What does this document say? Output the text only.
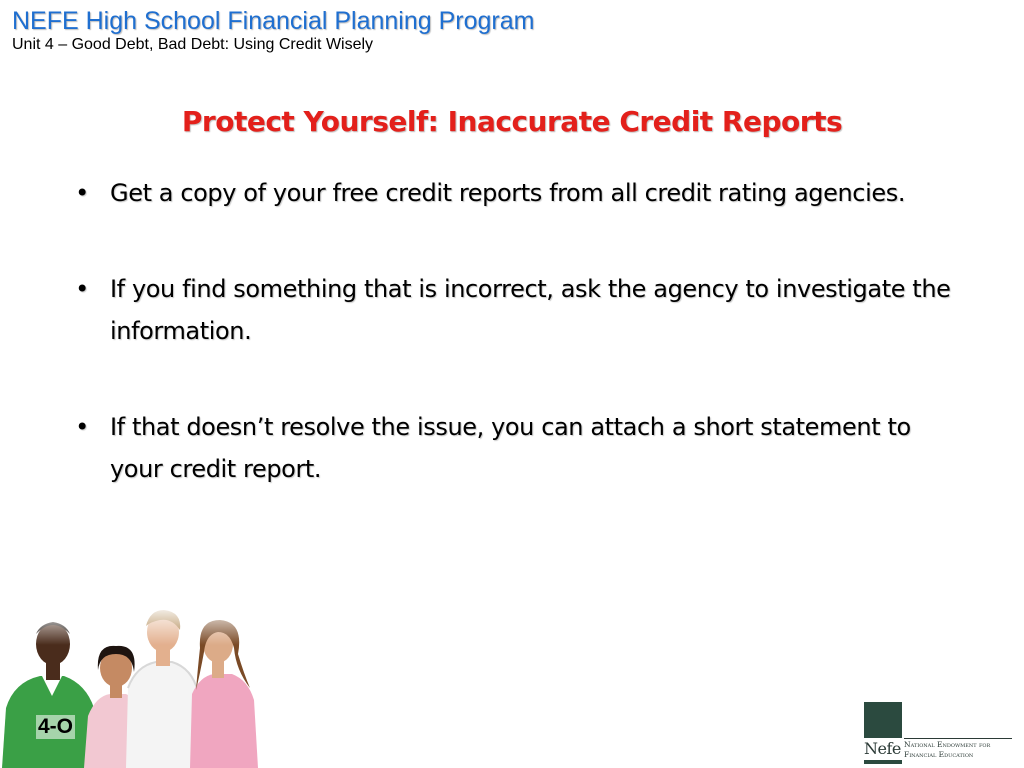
NEFE High School Financial Planning Program
Unit 4 – Good Debt, Bad Debt: Using Credit Wisely
Protect Yourself: Inaccurate Credit Reports
• Get a copy of your free credit reports from all credit rating agencies.
• If you find something that is incorrect, ask the agency to investigate the information.
• If that doesn’t resolve the issue, you can attach a short statement to your credit report.
4-O
Nefe National Endowment for
Financial Education
